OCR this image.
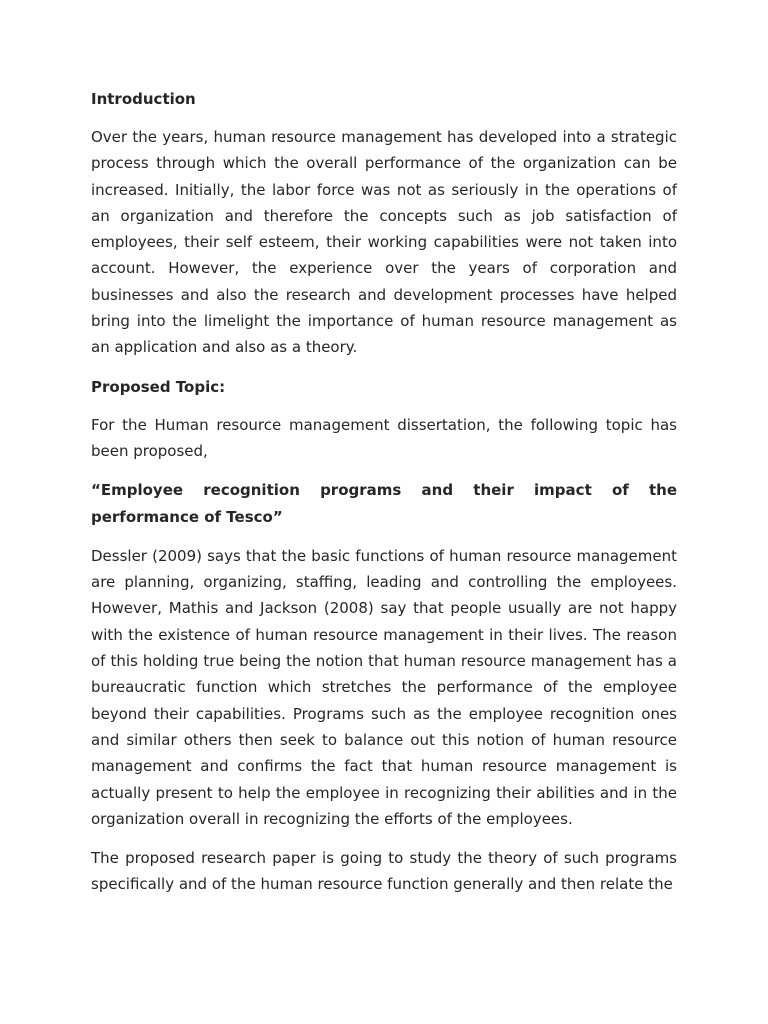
Introduction

Over the years, human resource management has developed into a strategic process through which the overall performance of the organization can be increased. Initially, the labor force was not as seriously in the operations of an organization and therefore the concepts such as job satisfaction of employees, their self esteem, their working capabilities were not taken into account. However, the experience over the years of corporation and businesses and also the research and development processes have helped bring into the limelight the importance of human resource management as an application and also as a theory.

Proposed Topic:

For the Human resource management dissertation, the following topic has been proposed,

“Employee recognition programs and their impact of the performance of Tesco”

Dessler (2009) says that the basic functions of human resource management are planning, organizing, staffing, leading and controlling the employees. However, Mathis and Jackson (2008) say that people usually are not happy with the existence of human resource management in their lives. The reason of this holding true being the notion that human resource management has a bureaucratic function which stretches the performance of the employee beyond their capabilities. Programs such as the employee recognition ones and similar others then seek to balance out this notion of human resource management and confirms the fact that human resource management is actually present to help the employee in recognizing their abilities and in the organization overall in recognizing the efforts of the employees.

The proposed research paper is going to study the theory of such programs specifically and of the human resource function generally and then relate the
